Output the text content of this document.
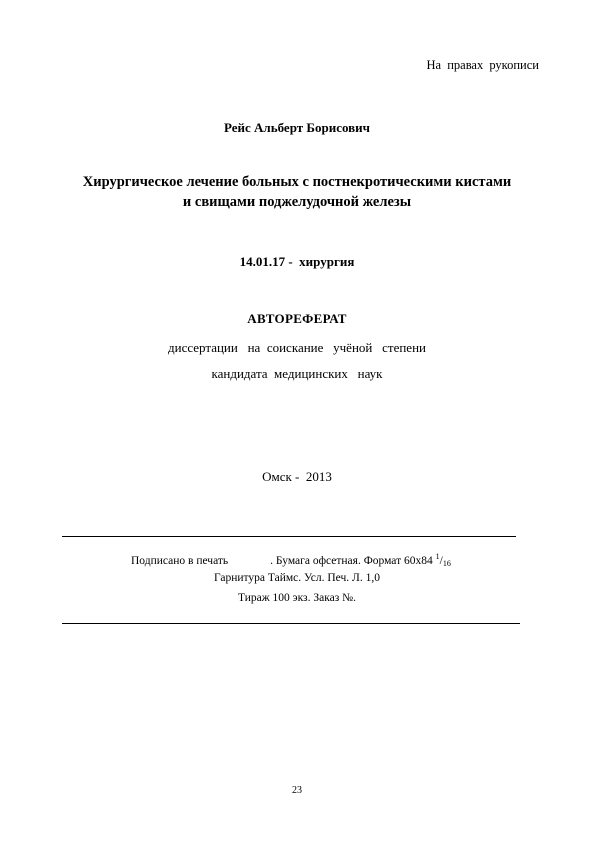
На правах рукописи
Рейс Альберт Борисович
Хирургическое лечение больных с постнекротическими кистами
и свищами поджелудочной железы
14.01.17 -  хирургия
АВТОРЕФЕРАТ
диссертации   на  соискание   учёной   степени
кандидата  медицинских   наук
Омск -  2013
Подписано в печать	. Бумага офсетная. Формат 60х84 $^1/_{16}$
Гарнитура Таймс. Усл. Печ. Л. 1,0
Тираж 100 экз. Заказ №.
23
